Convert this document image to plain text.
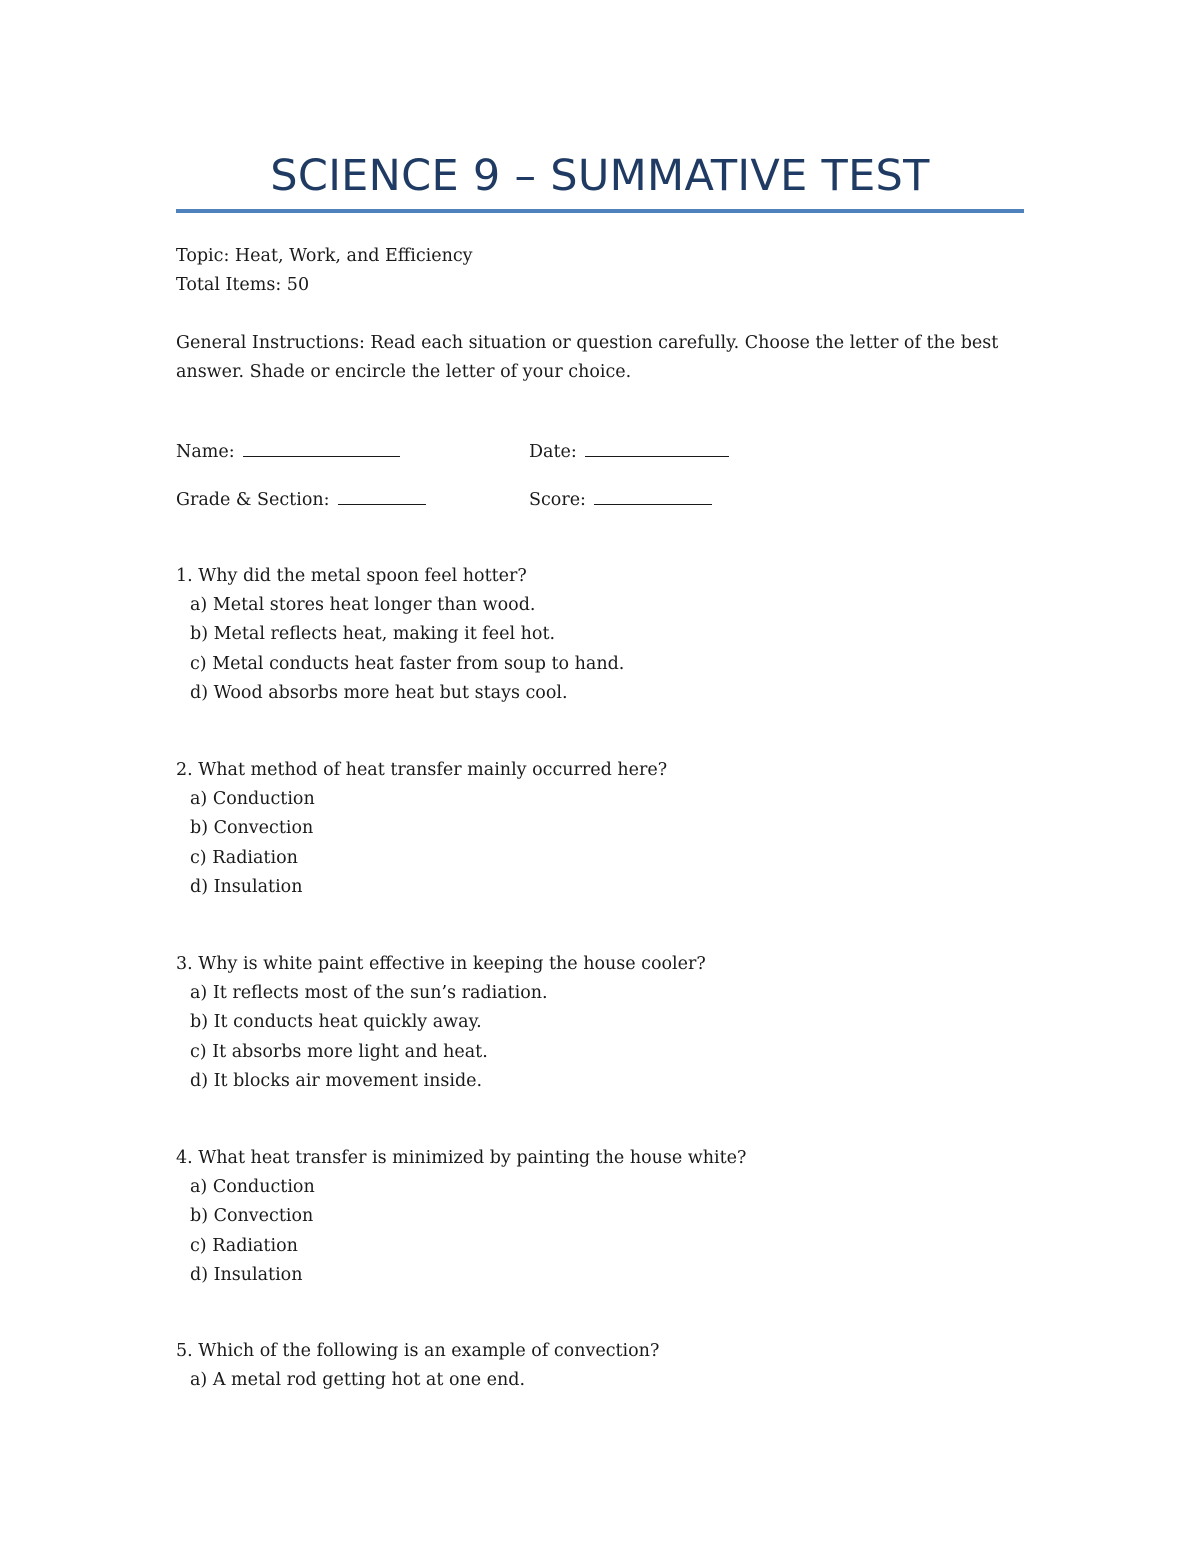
SCIENCE 9 – SUMMATIVE TEST
Topic: Heat, Work, and Efficiency
Total Items: 50
General Instructions: Read each situation or question carefully. Choose the letter of the best answer. Shade or encircle the letter of your choice.
Name:	Date:
Grade & Section:	Score:
1. Why did the metal spoon feel hotter?
a) Metal stores heat longer than wood.
b) Metal reflects heat, making it feel hot.
c) Metal conducts heat faster from soup to hand.
d) Wood absorbs more heat but stays cool.
2. What method of heat transfer mainly occurred here?
a) Conduction
b) Convection
c) Radiation
d) Insulation
3. Why is white paint effective in keeping the house cooler?
a) It reflects most of the sun’s radiation.
b) It conducts heat quickly away.
c) It absorbs more light and heat.
d) It blocks air movement inside.
4. What heat transfer is minimized by painting the house white?
a) Conduction
b) Convection
c) Radiation
d) Insulation
5. Which of the following is an example of convection?
a) A metal rod getting hot at one end.
